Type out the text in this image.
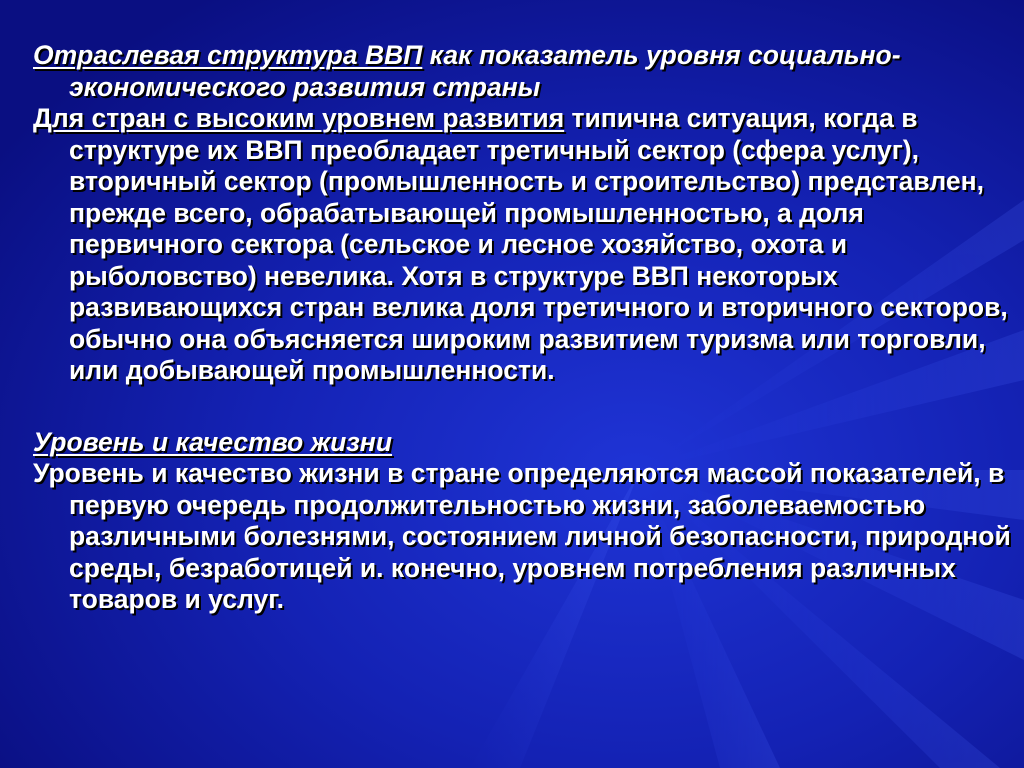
Отраслевая структура ВВП как показатель уровня социально-экономического развития страны

Для стран с высоким уровнем развития типична ситуация, когда в структуре их ВВП преобладает третичный сектор (сфера услуг), вторичный сектор (промышленность и строительство) представлен, прежде всего, обрабатывающей промышленностью, а доля первичного сектора (сельское и лесное хозяйство, охота и рыболовство) невелика. Хотя в структуре ВВП некоторых развивающихся стран велика доля третичного и вторичного секторов, обычно она объясняется широким развитием туризма или торговли, или добывающей промышленности.

Уровень и качество жизни

Уровень и качество жизни в стране определяются массой показателей, в первую очередь продолжительностью жизни, заболеваемостью различными болезнями, состоянием личной безопасности, природной среды, безработицей и. конечно, уровнем потребления различных товаров и услуг.
